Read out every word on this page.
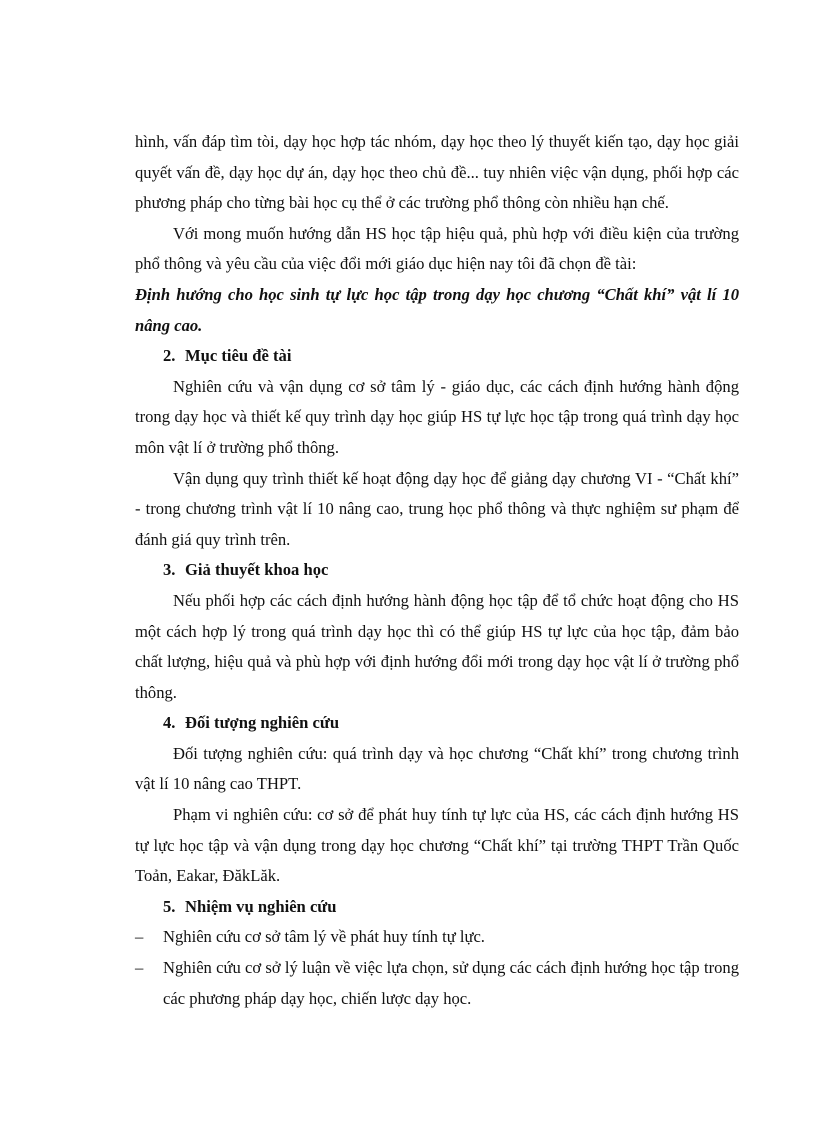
hình, vấn đáp tìm tòi, dạy học hợp tác nhóm, dạy học theo lý thuyết kiến tạo, dạy học giải quyết vấn đề, dạy học dự án, dạy học theo chủ đề... tuy nhiên việc vận dụng, phối hợp các phương pháp cho từng bài học cụ thể ở các trường phổ thông còn nhiều hạn chế.

Với mong muốn hướng dẫn HS học tập hiệu quả, phù hợp với điều kiện của trường phổ thông và yêu cầu của việc đổi mới giáo dục hiện nay tôi đã chọn đề tài:

Định hướng cho học sinh tự lực học tập trong dạy học chương “Chất khí” vật lí 10 nâng cao.

2. Mục tiêu đề tài

Nghiên cứu và vận dụng cơ sở tâm lý - giáo dục, các cách định hướng hành động trong dạy học và thiết kế quy trình dạy học giúp HS tự lực học tập trong quá trình dạy học môn vật lí ở trường phổ thông.

Vận dụng quy trình thiết kế hoạt động dạy học để giảng dạy chương VI - “Chất khí” - trong chương trình vật lí 10 nâng cao, trung học phổ thông và thực nghiệm sư phạm để đánh giá quy trình trên.

3. Giả thuyết khoa học

Nếu phối hợp các cách định hướng hành động học tập để tổ chức hoạt động cho HS một cách hợp lý trong quá trình dạy học thì có thể giúp HS tự lực của học tập, đảm bảo chất lượng, hiệu quả và phù hợp với định hướng đổi mới trong dạy học vật lí ở trường phổ thông.

4. Đối tượng nghiên cứu

Đối tượng nghiên cứu: quá trình dạy và học chương “Chất khí” trong chương trình vật lí 10 nâng cao THPT.

Phạm vi nghiên cứu: cơ sở để phát huy tính tự lực của HS, các cách định hướng HS tự lực học tập và vận dụng trong dạy học chương “Chất khí” tại trường THPT Trần Quốc Toản, Eakar, ĐăkLăk.

5. Nhiệm vụ nghiên cứu
– Nghiên cứu cơ sở tâm lý về phát huy tính tự lực.
– Nghiên cứu cơ sở lý luận về việc lựa chọn, sử dụng các cách định hướng học tập trong các phương pháp dạy học, chiến lược dạy học.
